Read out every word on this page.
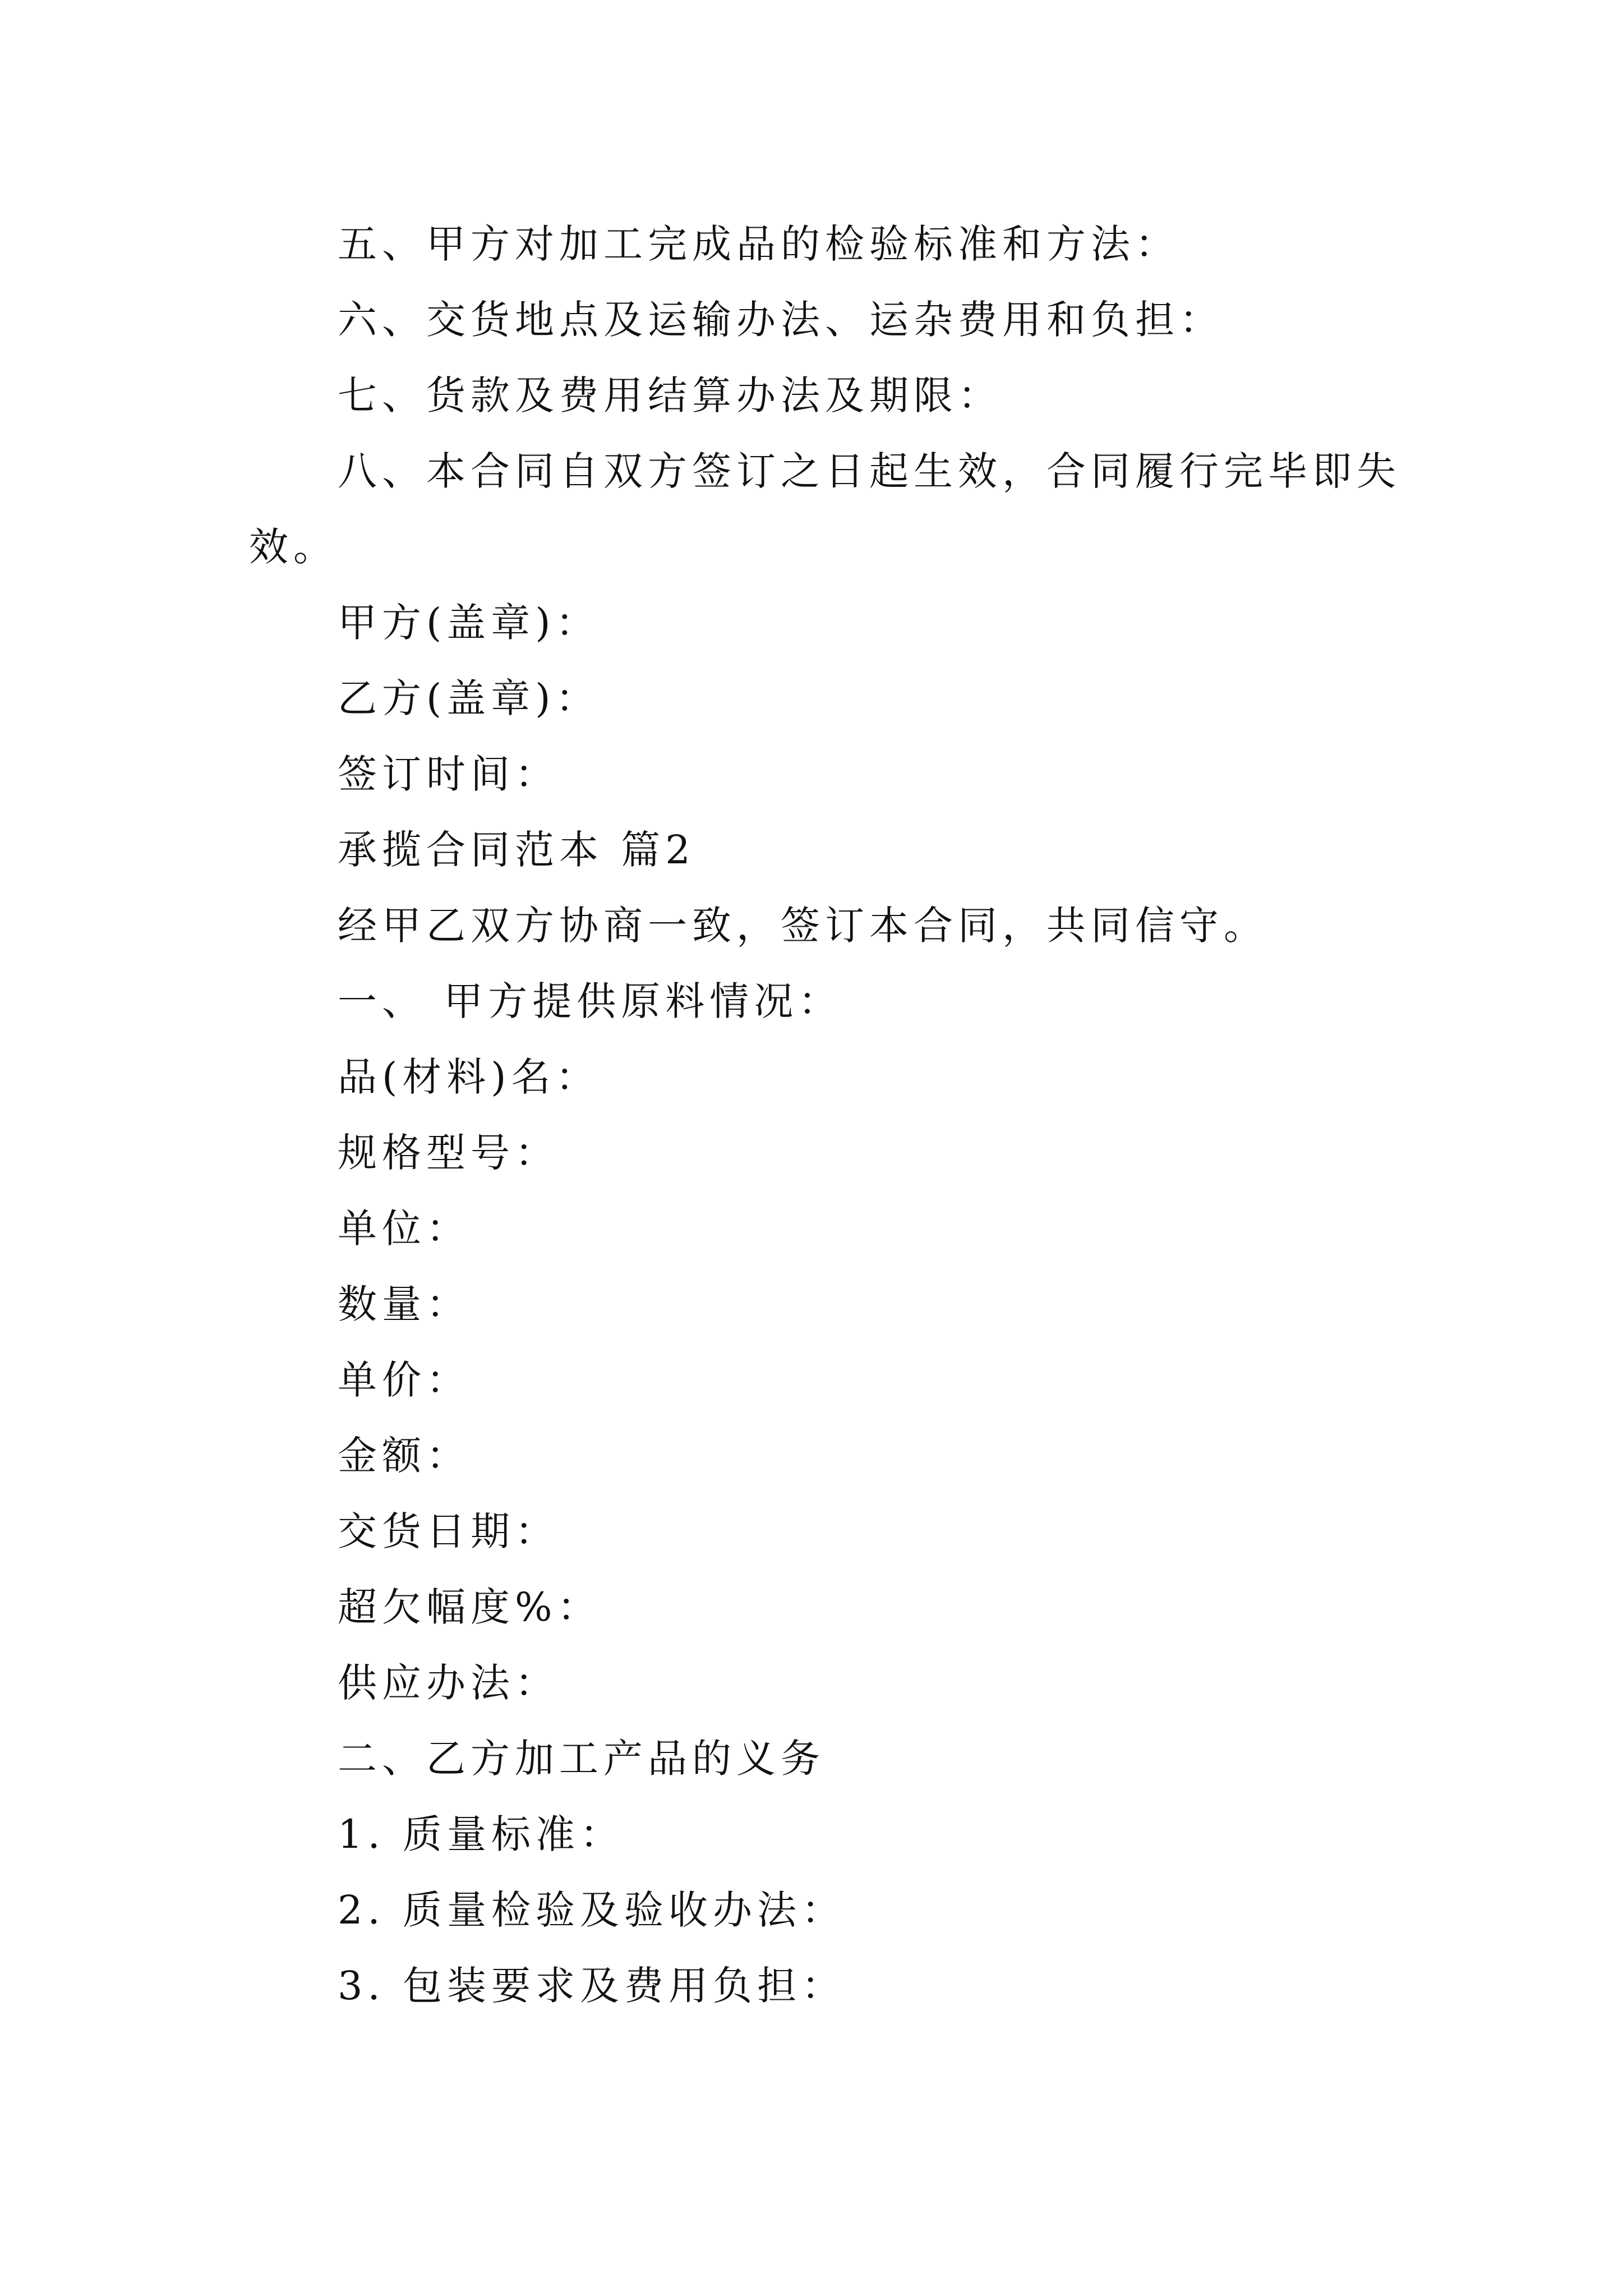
五、甲方对加工完成品的检验标准和方法：
六、交货地点及运输办法、运杂费用和负担：
七、货款及费用结算办法及期限：
八、本合同自双方签订之日起生效，合同履行完毕即失
效。
甲方(盖章)：
乙方(盖章)：
签订时间：
承揽合同范本 篇2
经甲乙双方协商一致，签订本合同，共同信守。
一、 甲方提供原料情况：
品(材料)名：
规格型号：
单位：
数量：
单价：
金额：
交货日期：
超欠幅度%：
供应办法：
二、乙方加工产品的义务
1. 质量标准：
2. 质量检验及验收办法：
3. 包装要求及费用负担：
